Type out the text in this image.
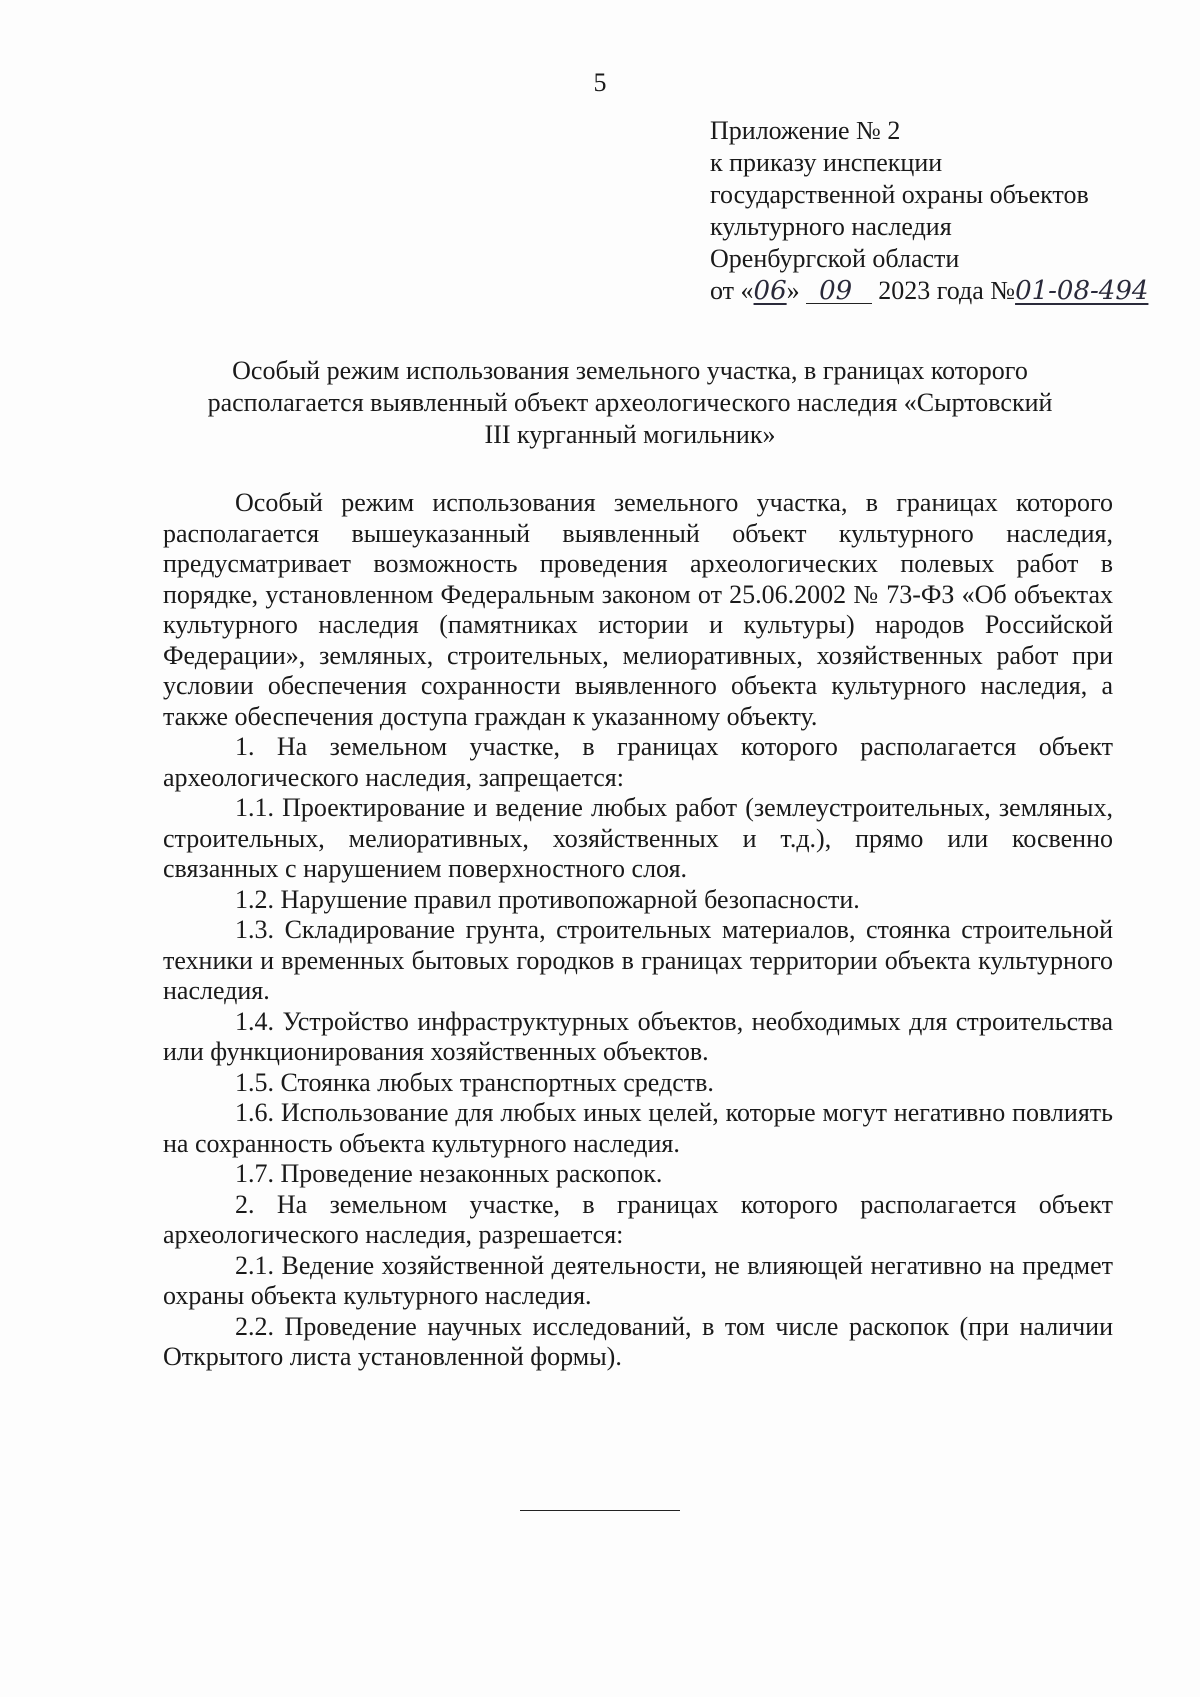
5
Приложение № 2
к приказу инспекции
государственной охраны объектов
культурного наследия
Оренбургской области
от «06» 09 2023 года №01-08-494
Особый режим использования земельного участка, в границах которого
располагается выявленный объект археологического наследия «Сыртовский
III курганный могильник»

Особый режим использования земельного участка, в границах которого располагается вышеуказанный выявленный объект культурного наследия, предусматривает возможность проведения археологических полевых работ в порядке, установленном Федеральным законом от 25.06.2002 № 73-ФЗ «Об объектах культурного наследия (памятниках истории и культуры) народов Российской Федерации», земляных, строительных, мелиоративных, хозяйственных работ при условии обеспечения сохранности выявленного объекта культурного наследия, а также обеспечения доступа граждан к указанному объекту.

1. На земельном участке, в границах которого располагается объект археологического наследия, запрещается:

1.1. Проектирование и ведение любых работ (землеустроительных, земляных, строительных, мелиоративных, хозяйственных и т.д.), прямо или косвенно связанных с нарушением поверхностного слоя.

1.2. Нарушение правил противопожарной безопасности.

1.3. Складирование грунта, строительных материалов, стоянка строительной техники и временных бытовых городков в границах территории объекта культурного наследия.

1.4. Устройство инфраструктурных объектов, необходимых для строительства или функционирования хозяйственных объектов.

1.5. Стоянка любых транспортных средств.

1.6. Использование для любых иных целей, которые могут негативно повлиять на сохранность объекта культурного наследия.

1.7. Проведение незаконных раскопок.

2. На земельном участке, в границах которого располагается объект археологического наследия, разрешается:

2.1. Ведение хозяйственной деятельности, не влияющей негативно на предмет охраны объекта культурного наследия.

2.2. Проведение научных исследований, в том числе раскопок (при наличии Открытого листа установленной формы).
